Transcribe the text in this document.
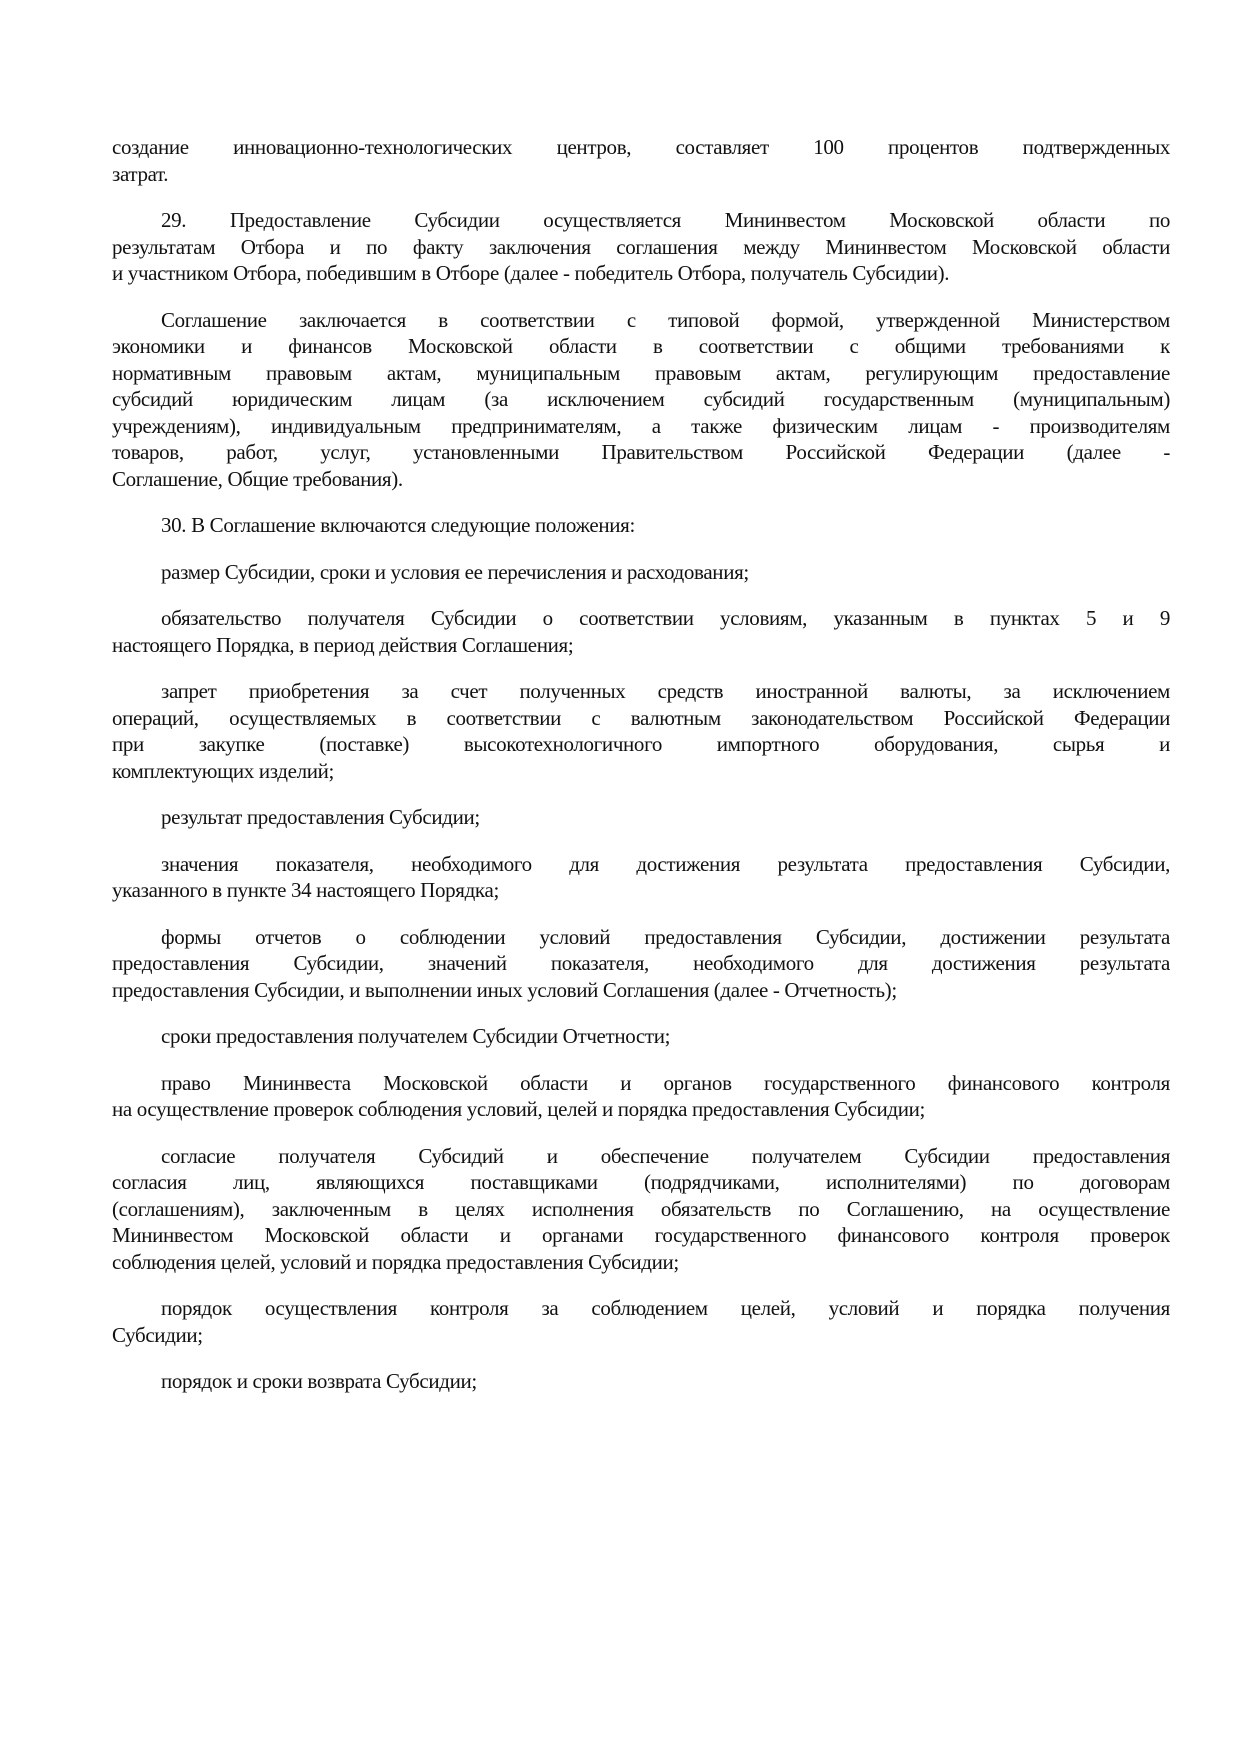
создание инновационно-технологических центров, составляет 100 процентов подтвержденных
затрат.
29. Предоставление Субсидии осуществляется Мининвестом Московской области по
результатам Отбора и по факту заключения соглашения между Мининвестом Московской области
и участником Отбора, победившим в Отборе (далее - победитель Отбора, получатель Субсидии).
Соглашение заключается в соответствии с типовой формой, утвержденной Министерством
экономики и финансов Московской области в соответствии с общими требованиями к
нормативным правовым актам, муниципальным правовым актам, регулирующим предоставление
субсидий юридическим лицам (за исключением субсидий государственным (муниципальным)
учреждениям), индивидуальным предпринимателям, а также физическим лицам - производителям
товаров, работ, услуг, установленными Правительством Российской Федерации (далее -
Соглашение, Общие требования).
30. В Соглашение включаются следующие положения:
размер Субсидии, сроки и условия ее перечисления и расходования;
обязательство получателя Субсидии о соответствии условиям, указанным в пунктах 5 и 9
настоящего Порядка, в период действия Соглашения;
запрет приобретения за счет полученных средств иностранной валюты, за исключением
операций, осуществляемых в соответствии с валютным законодательством Российской Федерации
при закупке (поставке) высокотехнологичного импортного оборудования, сырья и
комплектующих изделий;
результат предоставления Субсидии;
значения показателя, необходимого для достижения результата предоставления Субсидии,
указанного в пункте 34 настоящего Порядка;
формы отчетов о соблюдении условий предоставления Субсидии, достижении результата
предоставления Субсидии, значений показателя, необходимого для достижения результата
предоставления Субсидии, и выполнении иных условий Соглашения (далее - Отчетность);
сроки предоставления получателем Субсидии Отчетности;
право Мининвеста Московской области и органов государственного финансового контроля
на осуществление проверок соблюдения условий, целей и порядка предоставления Субсидии;
согласие получателя Субсидий и обеспечение получателем Субсидии предоставления
согласия лиц, являющихся поставщиками (подрядчиками, исполнителями) по договорам
(соглашениям), заключенным в целях исполнения обязательств по Соглашению, на осуществление
Мининвестом Московской области и органами государственного финансового контроля проверок
соблюдения целей, условий и порядка предоставления Субсидии;
порядок осуществления контроля за соблюдением целей, условий и порядка получения
Субсидии;
порядок и сроки возврата Субсидии;
